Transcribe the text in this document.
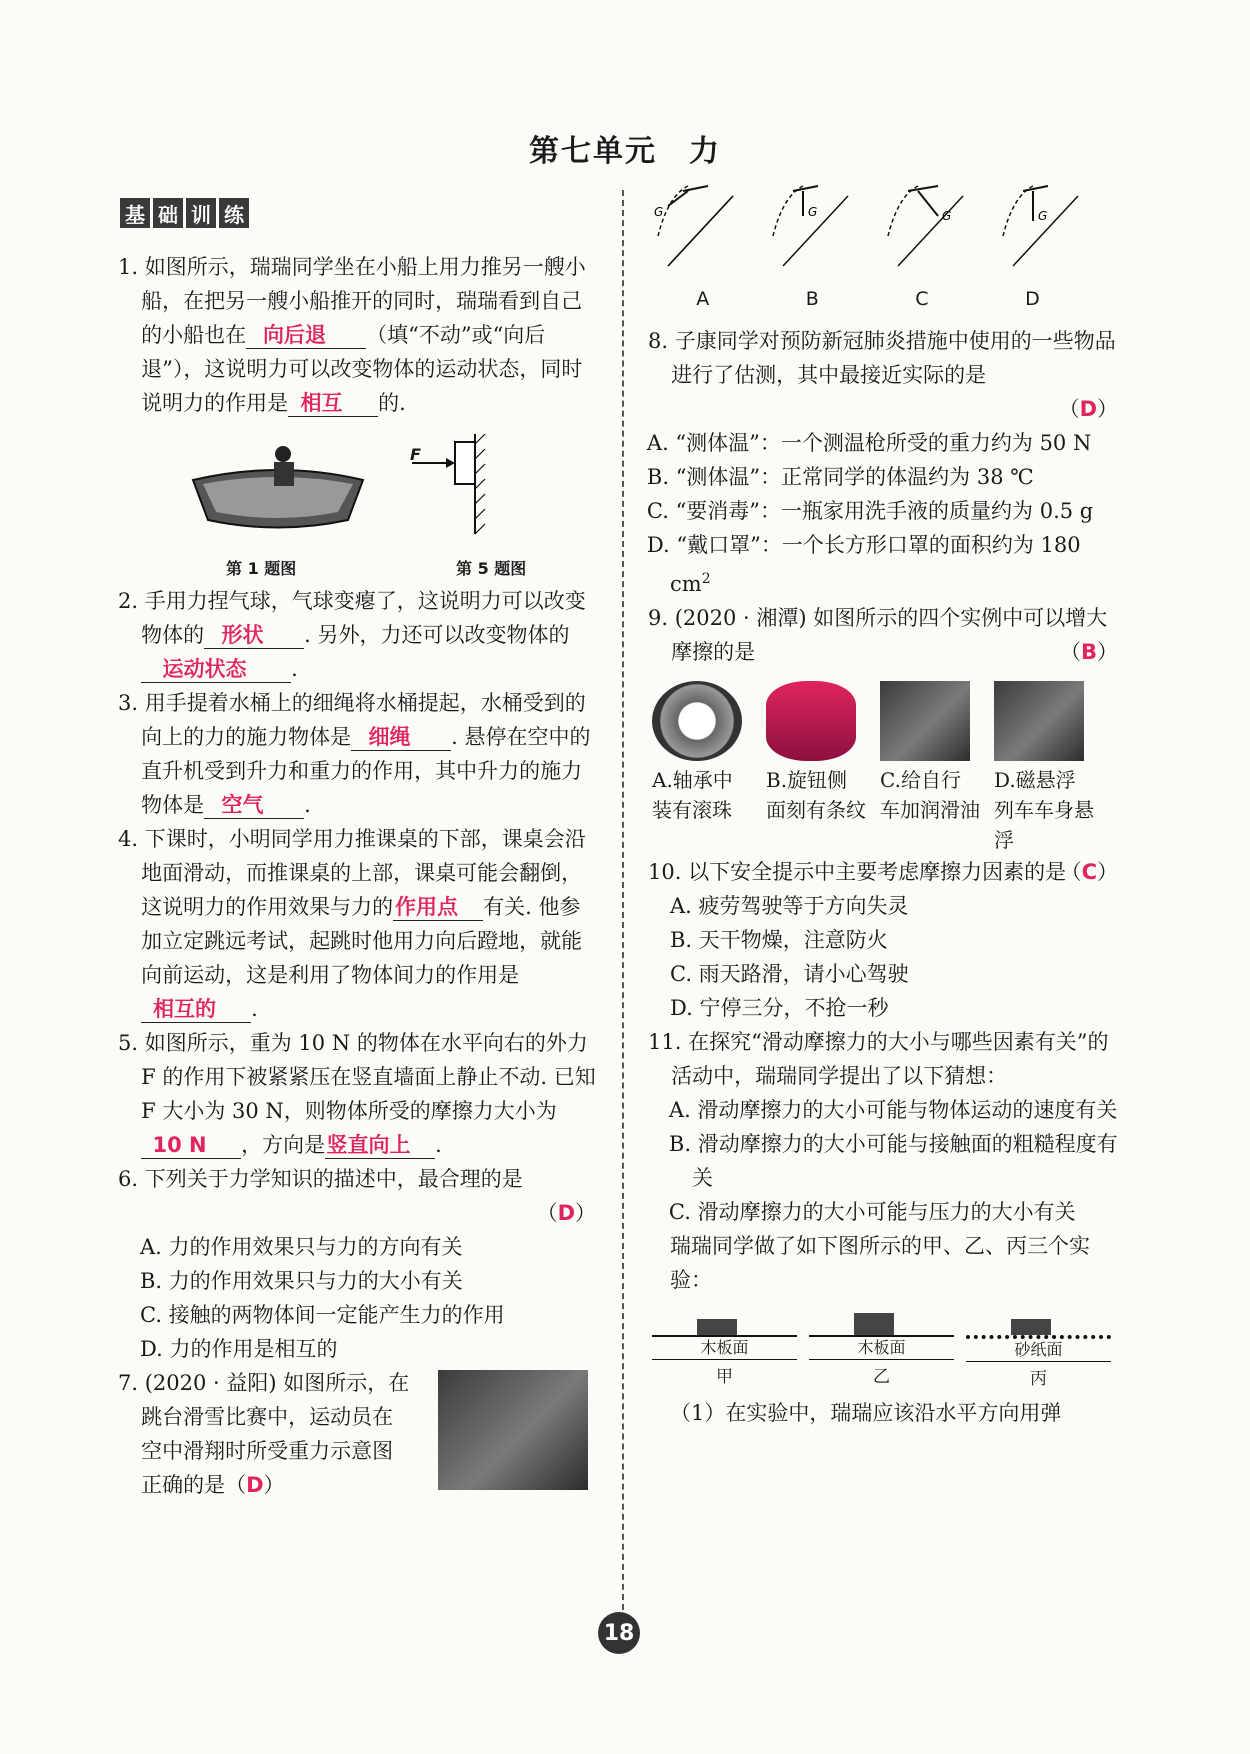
第七单元　力
基 础 训 练

1. 如图所示，瑞瑞同学坐在小船上用力推另一艘小船，在把另一艘小船推开的同时，瑞瑞看到自己的小船也在 向后退 （填“不动”或“向后退”），这说明力可以改变物体的运动状态，同时说明力的作用是 相互 的.

F
第 1 题图	第 5 题图

2. 手用力捏气球，气球变瘪了，这说明力可以改变物体的 形状 . 另外，力还可以改变物体的运动状态 .

3. 用手提着水桶上的细绳将水桶提起，水桶受到的向上的力的施力物体是 细绳 . 悬停在空中的直升机受到升力和重力的作用，其中升力的施力物体是 空气 .

4. 下课时，小明同学用力推课桌的下部，课桌会沿地面滑动，而推课桌的上部，课桌可能会翻倒，这说明力的作用效果与力的作用点 有关. 他参加立定跳远考试，起跳时他用力向后蹬地，就能向前运动，这是利用了物体间力的作用是相互的 .

5. 如图所示，重为 10 N 的物体在水平向右的外力 F 的作用下被紧紧压在竖直墙面上静止不动. 已知 F 大小为 30 N，则物体所受的摩擦力大小为10 N ，方向是竖直向上 .

6. 下列关于力学知识的描述中，最合理的是

（D）

A. 力的作用效果只与力的方向有关

B. 力的作用效果只与力的大小有关

C. 接触的两物体间一定能产生力的作用

D. 力的作用是相互的

7. (2020 · 益阳) 如图所示，在跳台滑雪比赛中，运动员在空中滑翔时所受重力示意图正确的是（D）

G	G	G	G
A	B	C	D

8. 子康同学对预防新冠肺炎措施中使用的一些物品进行了估测，其中最接近实际的是

（D）

A. “测体温”：一个测温枪所受的重力约为 50 N

B. “测体温”：正常同学的体温约为 38 ℃

C. “要消毒”：一瓶家用洗手液的质量约为 0.5 g

D. “戴口罩”：一个长方形口罩的面积约为 180 $cm^2$

9. (2020 · 湘潭) 如图所示的四个实例中可以增大摩擦的是	（B）

A.轴承中装有滚珠

B.旋钮侧面刻有条纹

C.给自行车加润滑油

D.磁悬浮列车车身悬浮

10. 以下安全提示中主要考虑摩擦力因素的是

（C）

A. 疲劳驾驶等于方向失灵

B. 天干物燥，注意防火

C. 雨天路滑，请小心驾驶

D. 宁停三分，不抢一秒

11. 在探究“滑动摩擦力的大小与哪些因素有关”的活动中，瑞瑞同学提出了以下猜想：

A. 滑动摩擦力的大小可能与物体运动的速度有关

B. 滑动摩擦力的大小可能与接触面的粗糙程度有关

C. 滑动摩擦力的大小可能与压力的大小有关

瑞瑞同学做了如下图所示的甲、乙、丙三个实验：

木板面
甲
木板面
乙
砂纸面
丙

（1）在实验中，瑞瑞应该沿水平方向用弹

18
